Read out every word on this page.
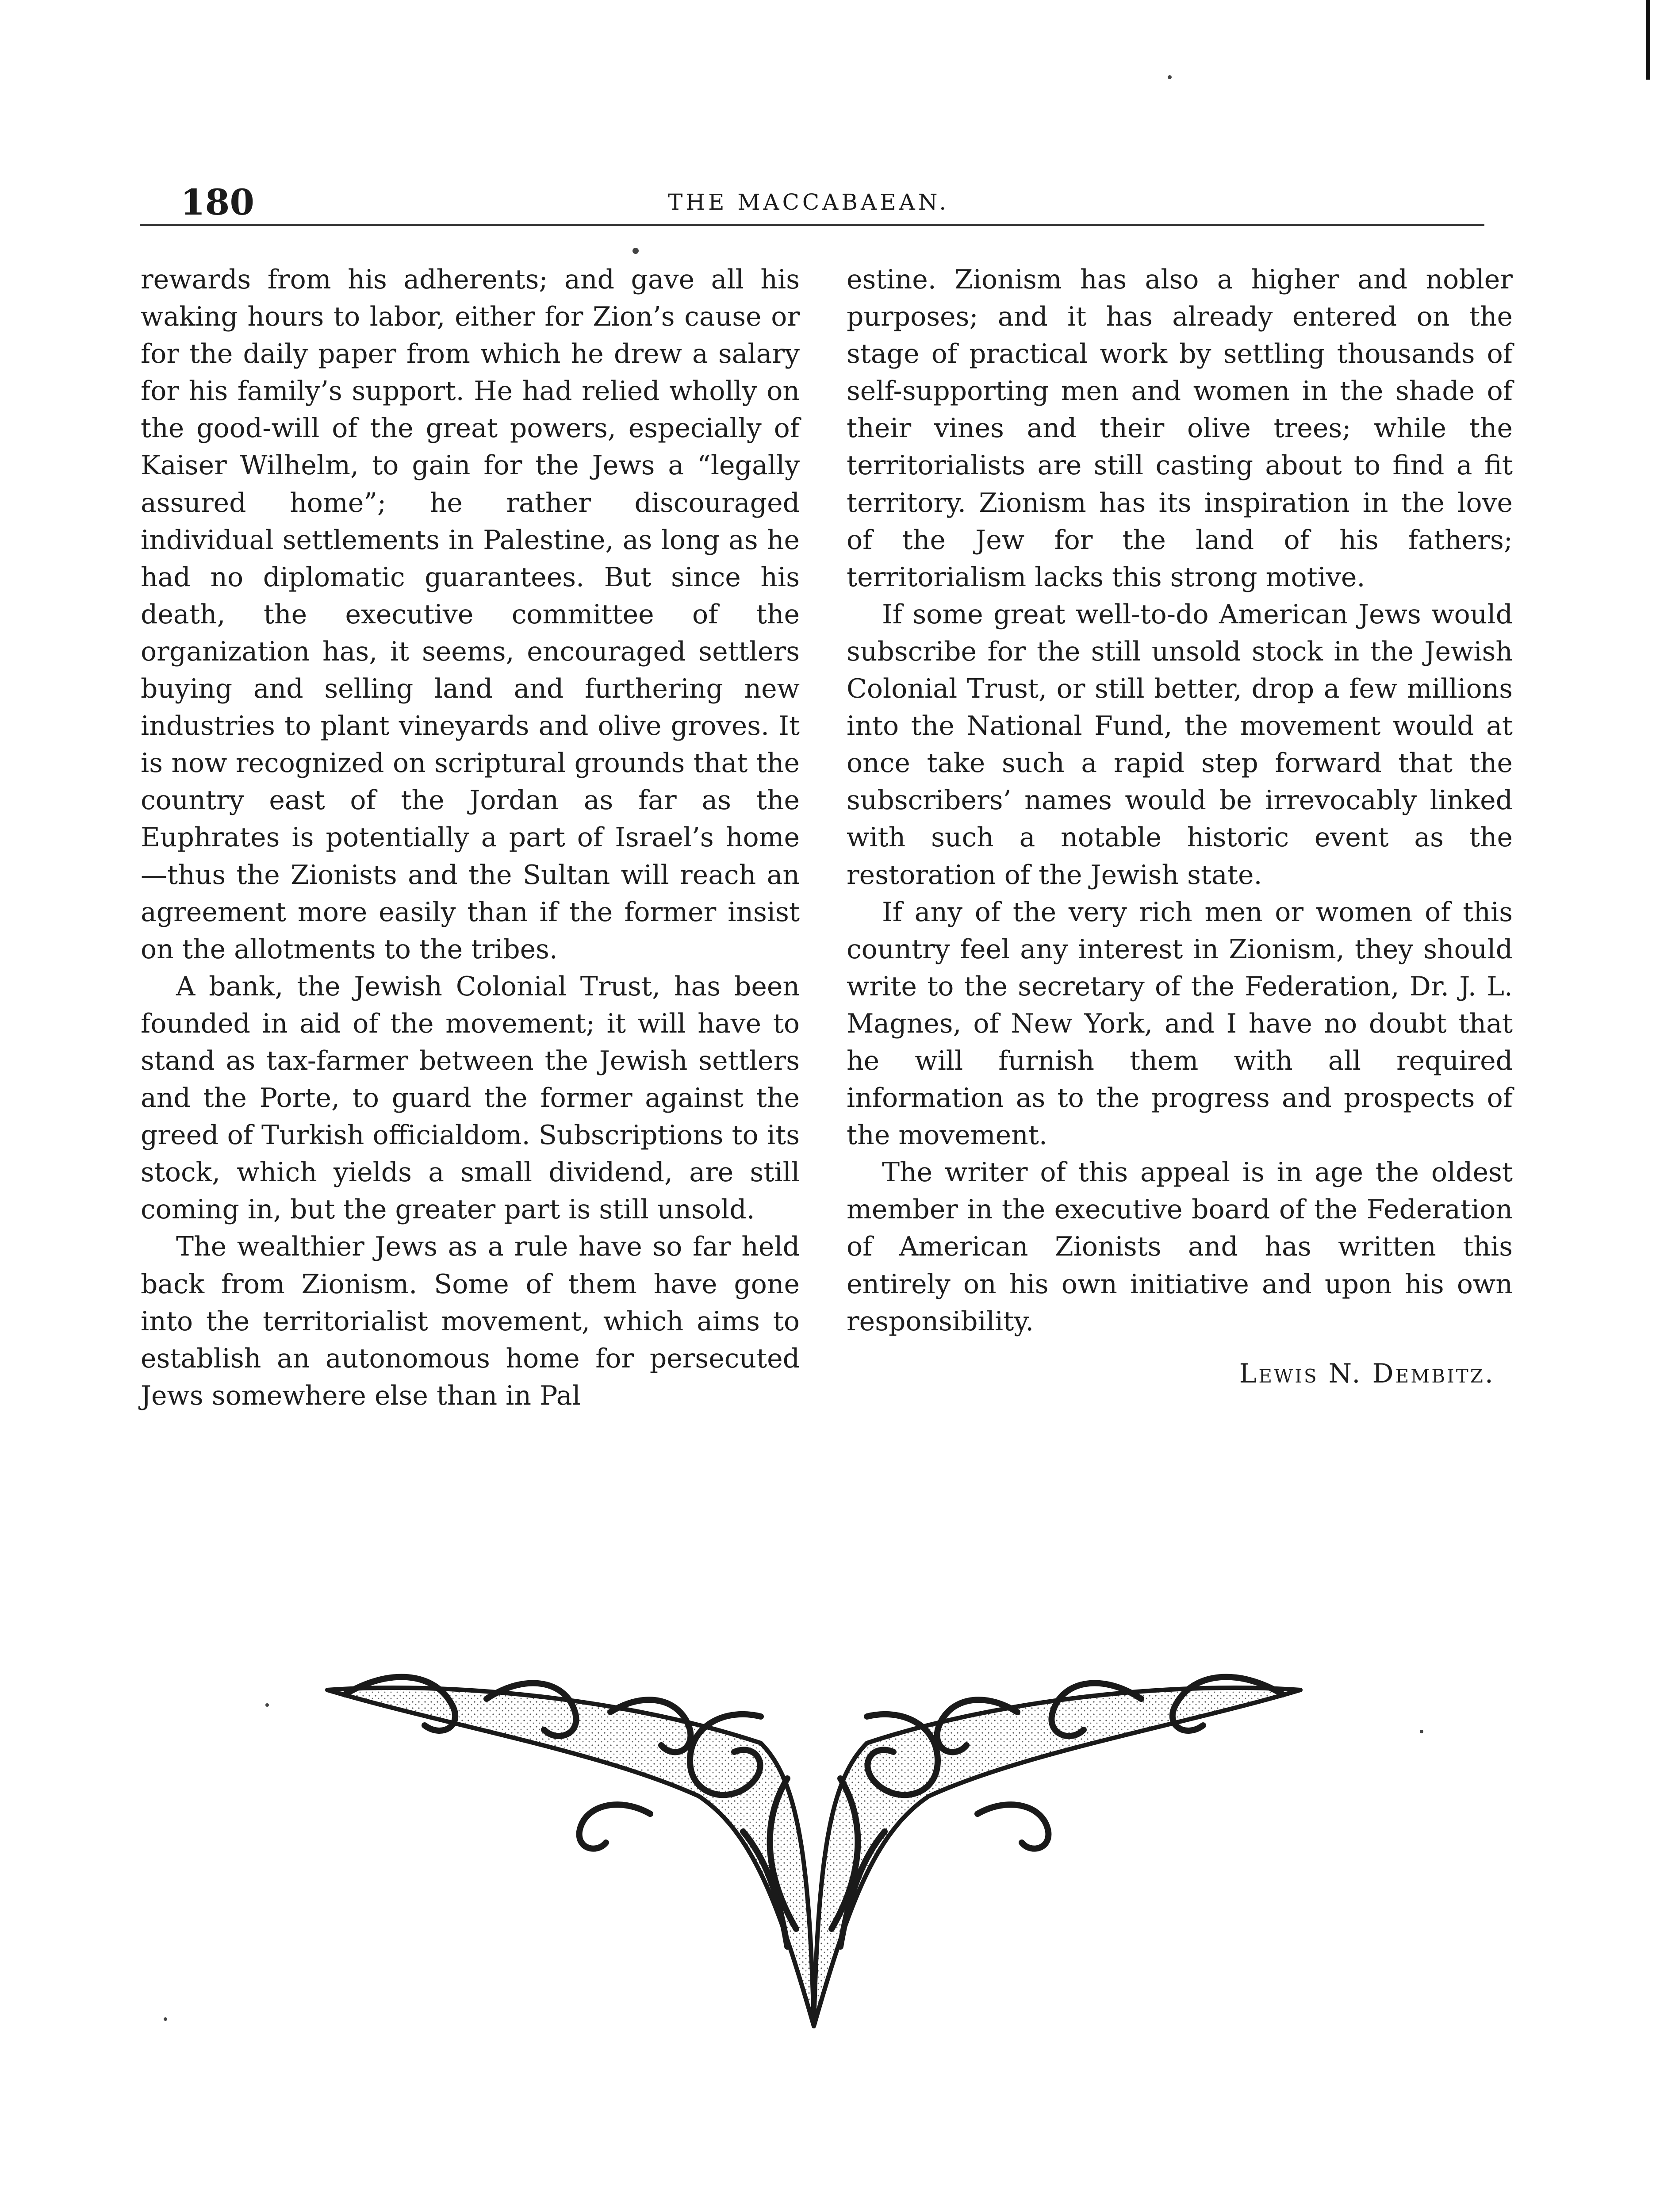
180	THE MACCABAEAN.

rewards from his adherents; and gave all his waking hours to labor, either for Zion’s cause or for the daily paper from which he drew a salary for his family’s support. He had relied wholly on the good-will of the great powers, especially of Kaiser Wilhelm, to gain for the Jews a “legally assured home”; he rather discouraged individual settlements in Palestine, as long as he had no diplomatic guarantees. But since his death, the executive committee of the organization has, it seems, encouraged settlers buying and selling land and furthering new industries to plant vineyards and olive groves. It is now recognized on scriptural grounds that the country east of the Jordan as far as the Euphrates is potentially a part of Israel’s home—thus the Zionists and the Sultan will reach an agreement more easily than if the former insist on the allotments to the tribes.

A bank, the Jewish Colonial Trust, has been founded in aid of the movement; it will have to stand as tax-farmer between the Jewish settlers and the Porte, to guard the former against the greed of Turkish officialdom. Subscriptions to its stock, which yields a small dividend, are still coming in, but the greater part is still unsold.

The wealthier Jews as a rule have so far held back from Zionism. Some of them have gone into the territorialist movement, which aims to establish an autonomous home for persecuted Jews somewhere else than in Pal

estine. Zionism has also a higher and nobler purposes; and it has already entered on the stage of practical work by settling thousands of self-supporting men and women in the shade of their vines and their olive trees; while the territorialists are still casting about to find a fit territory. Zionism has its inspiration in the love of the Jew for the land of his fathers; territorialism lacks this strong motive.

If some great well-to-do American Jews would subscribe for the still unsold stock in the Jewish Colonial Trust, or still better, drop a few millions into the National Fund, the movement would at once take such a rapid step forward that the subscribers’ names would be irrevocably linked with such a notable historic event as the restoration of the Jewish state.

If any of the very rich men or women of this country feel any interest in Zionism, they should write to the secretary of the Federation, Dr. J. L. Magnes, of New York, and I have no doubt that he will furnish them with all required information as to the progress and prospects of the movement.

The writer of this appeal is in age the oldest member in the executive board of the Federation of American Zionists and has written this entirely on his own initiative and upon his own responsibility.

Lewis N. Dembitz.
